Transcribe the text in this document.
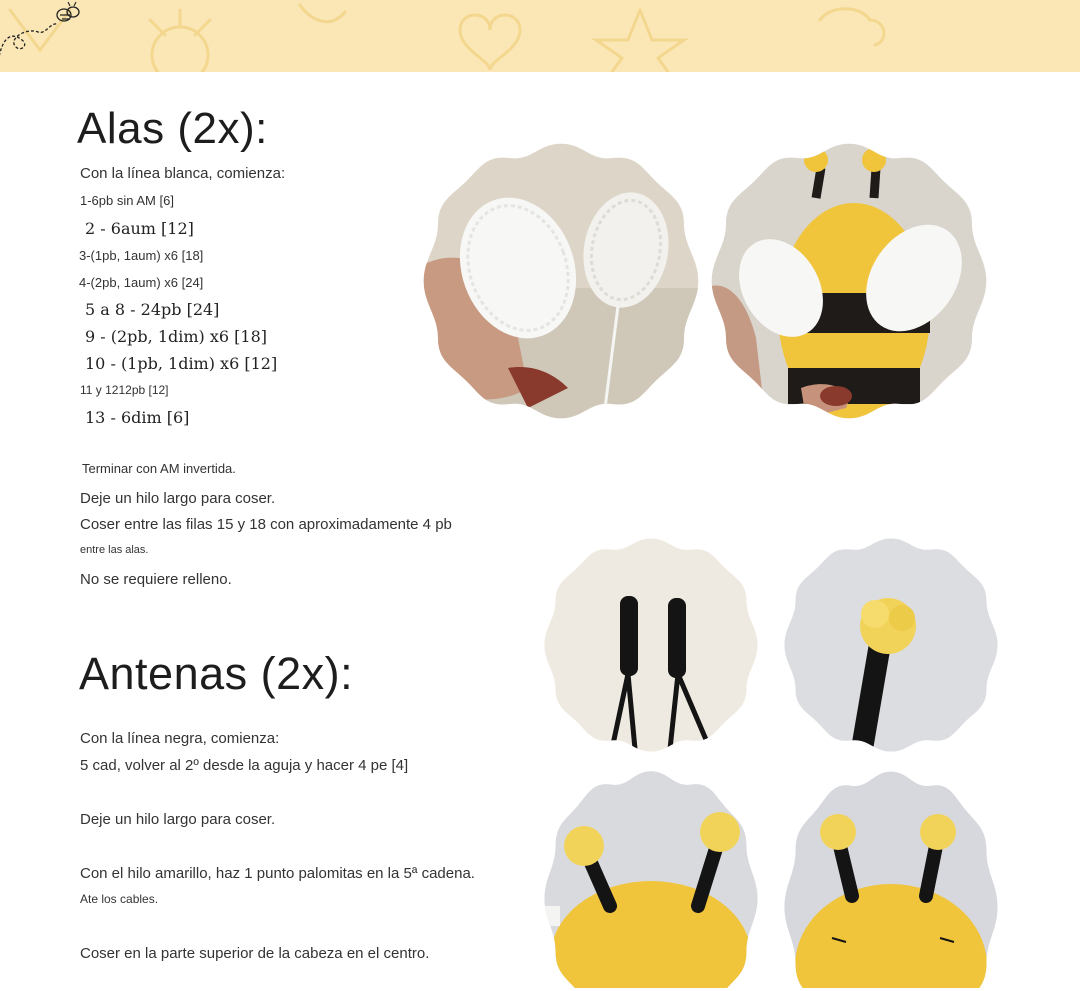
Alas (2x):
Con la línea blanca, comienza:
1-6pb sin AM [6]
2 - 6aum [12]
3-(1pb, 1aum) x6 [18]
4-(2pb, 1aum) x6 [24]
5 a 8 - 24pb [24]
9 - (2pb, 1dim) x6 [18]
10 - (1pb, 1dim) x6 [12]
11 y 1212pb [12]
13 - 6dim [6]
Terminar con AM invertida.
Deje un hilo largo para coser.
Coser entre las filas 15 y 18 con aproximadamente 4 pb
entre las alas.
No se requiere relleno.
Antenas (2x):
Con la línea negra, comienza:
5 cad, volver al 2º desde la aguja y hacer 4 pe [4]
Deje un hilo largo para coser.
Con el hilo amarillo, haz 1 punto palomitas en la 5ª cadena.
Ate los cables.
Coser en la parte superior de la cabeza en el centro.
